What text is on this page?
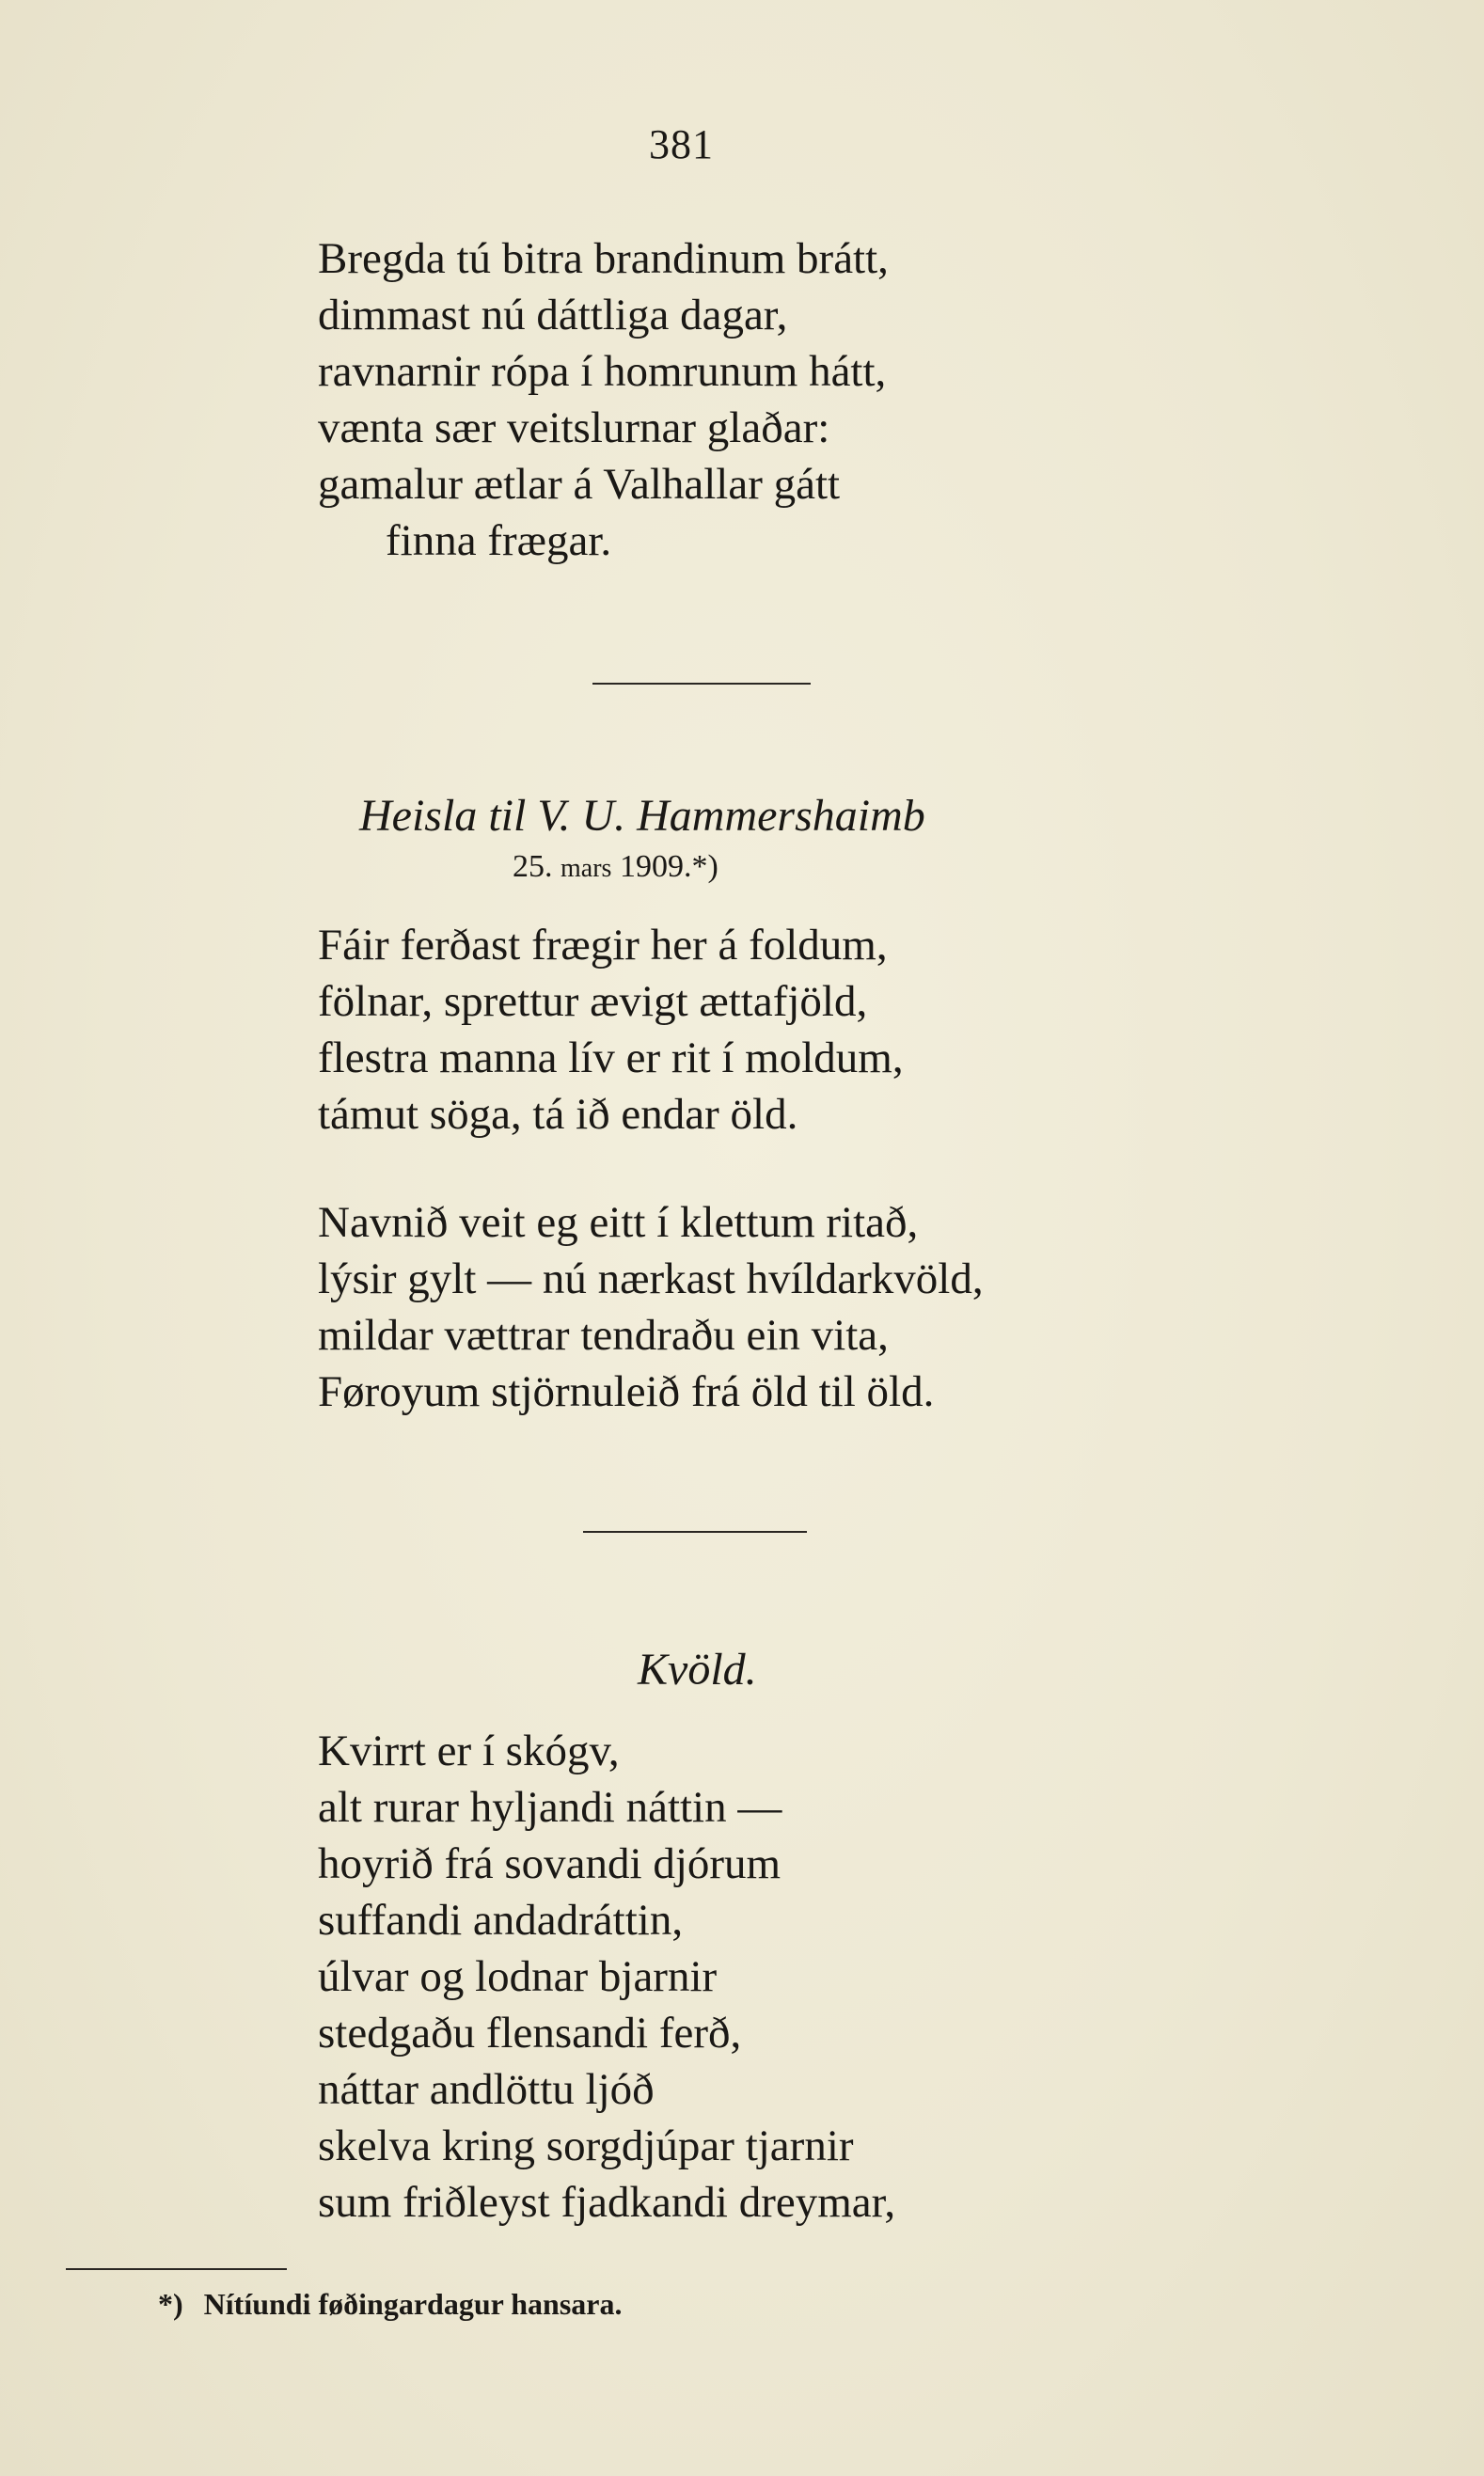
381
Bregda tú bitra brandinum brátt,
dimmast nú dáttliga dagar,
ravnarnir rópa í homrunum hátt,
vænta sær veitslurnar glaðar:
gamalur ætlar á Valhallar gátt
finna frægar.
Heisla til V. U. Hammershaimb
25. mars 1909.*)
Fáir ferðast frægir her á foldum,
fölnar, sprettur ævigt ættafjöld,
flestra manna lív er rit í moldum,
támut söga, tá ið endar öld.
Navnið veit eg eitt í klettum ritað,
lýsir gylt — nú nærkast hvíldarkvöld,
mildar vættrar tendraðu ein vita,
Føroyum stjörnuleið frá öld til öld.
Kvöld.
Kvirrt er í skógv,
alt rurar hyljandi náttin —
hoyrið frá sovandi djórum
suffandi andadráttin,
úlvar og lodnar bjarnir
stedgaðu flensandi ferð,
náttar andlöttu ljóð
skelva kring sorgdjúpar tjarnir
sum friðleyst fjadkandi dreymar,
*) Nítíundi føðingardagur hansara.
